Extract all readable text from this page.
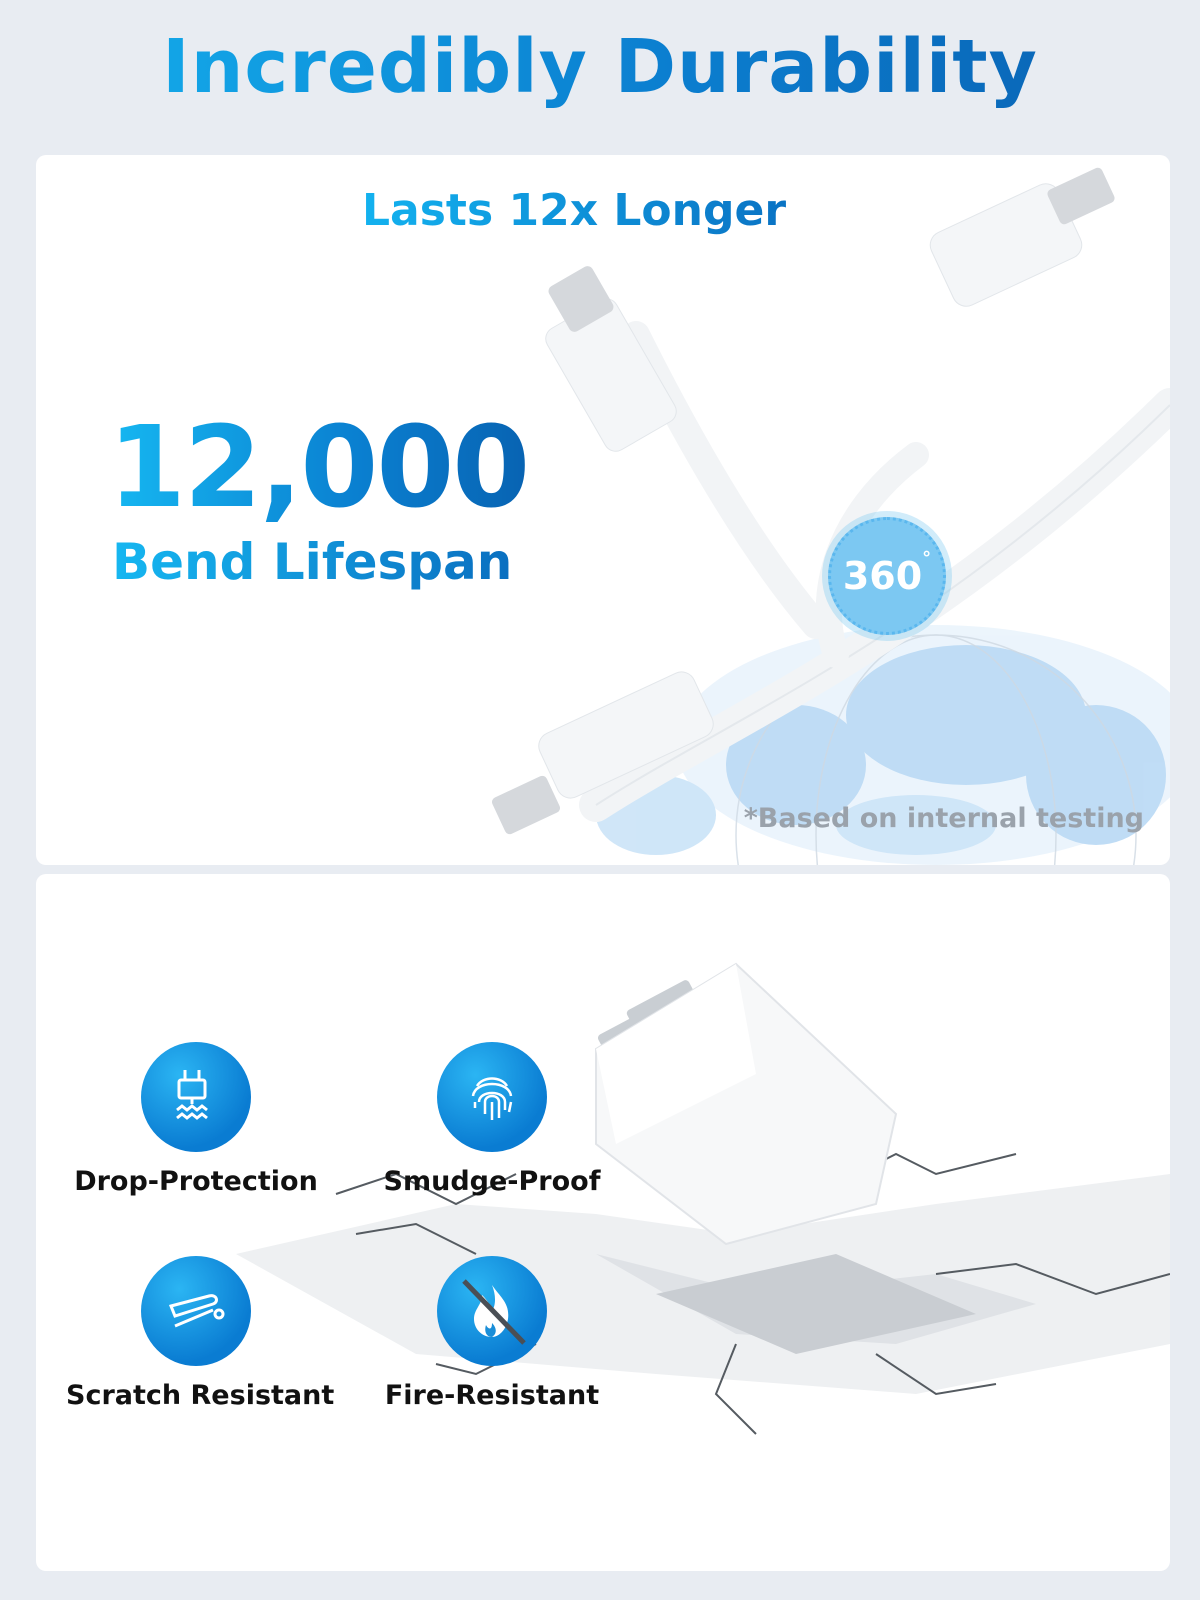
Incredibly Durability
Lasts 12x Longer
12,000
Bend Lifespan	360 °
*Based on internal testing
Drop-Protection	Smudge-Proof
Scratch Resistant	Fire-Resistant
